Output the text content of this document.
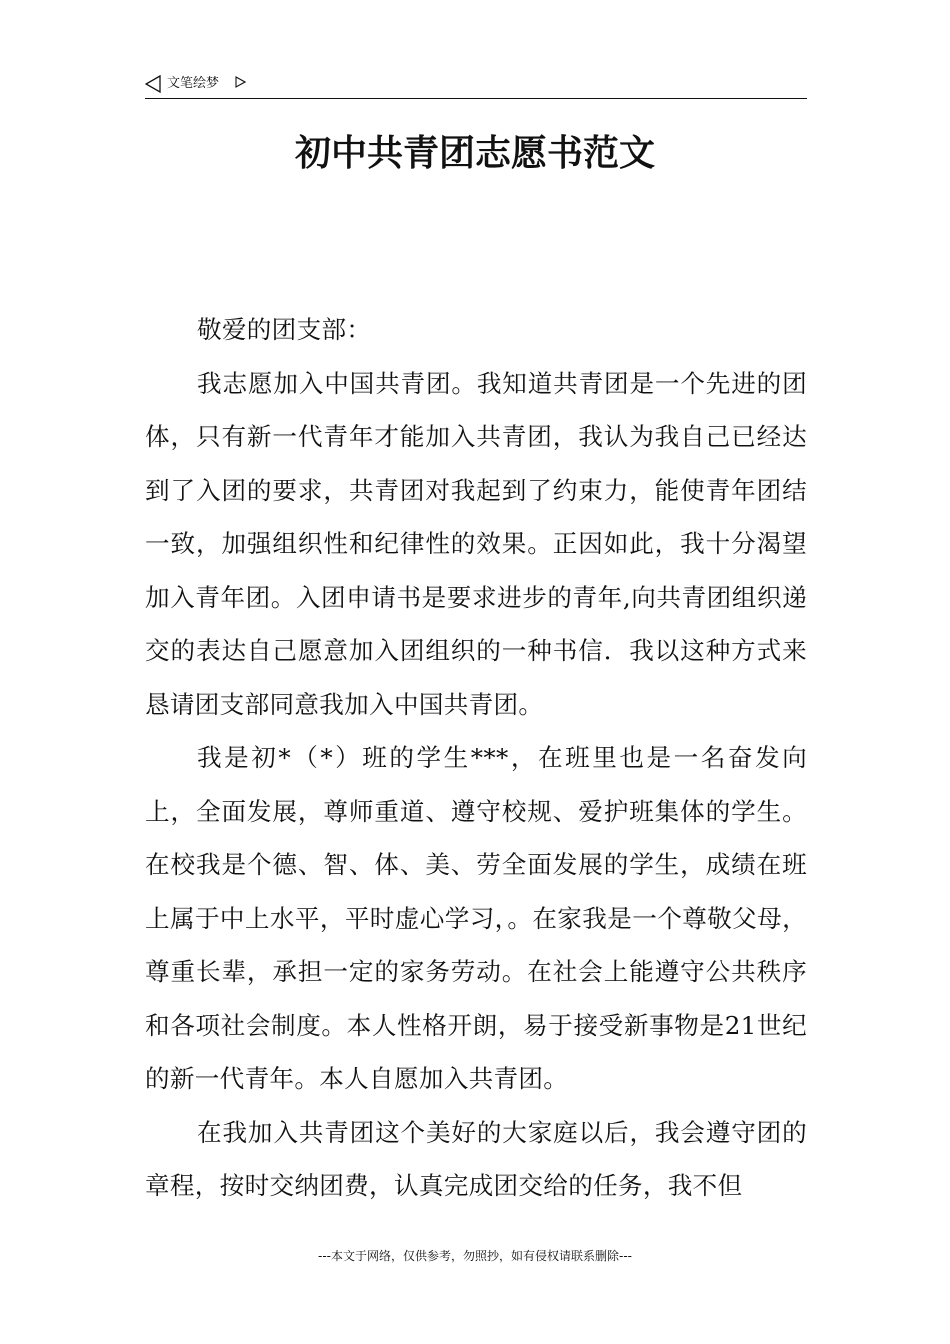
文笔绘梦
初中共青团志愿书范文

敬爱的团支部：

我志愿加入中国共青团。我知道共青团是一个先进的团体，只有新一代青年才能加入共青团，我认为我自己已经达到了入团的要求，共青团对我起到了约束力，能使青年团结一致，加强组织性和纪律性的效果。正因如此，我十分渴望加入青年团。入团申请书是要求进步的青年,向共青团组织递交的表达自己愿意加入团组织的一种书信．我以这种方式来恳请团支部同意我加入中国共青团。

我是初*（*）班的学生***，在班里也是一名奋发向上，全面发展，尊师重道、遵守校规、爱护班集体的学生。在校我是个德、智、体、美、劳全面发展的学生，成绩在班上属于中上水平，平时虚心学习，。在家我是一个尊敬父母，尊重长辈，承担一定的家务劳动。在社会上能遵守公共秩序和各项社会制度。本人性格开朗，易于接受新事物是21世纪的新一代青年。本人自愿加入共青团。

在我加入共青团这个美好的大家庭以后，我会遵守团的章程，按时交纳团费，认真完成团交给的任务，我不但

---本文于网络，仅供参考，勿照抄，如有侵权请联系删除---
